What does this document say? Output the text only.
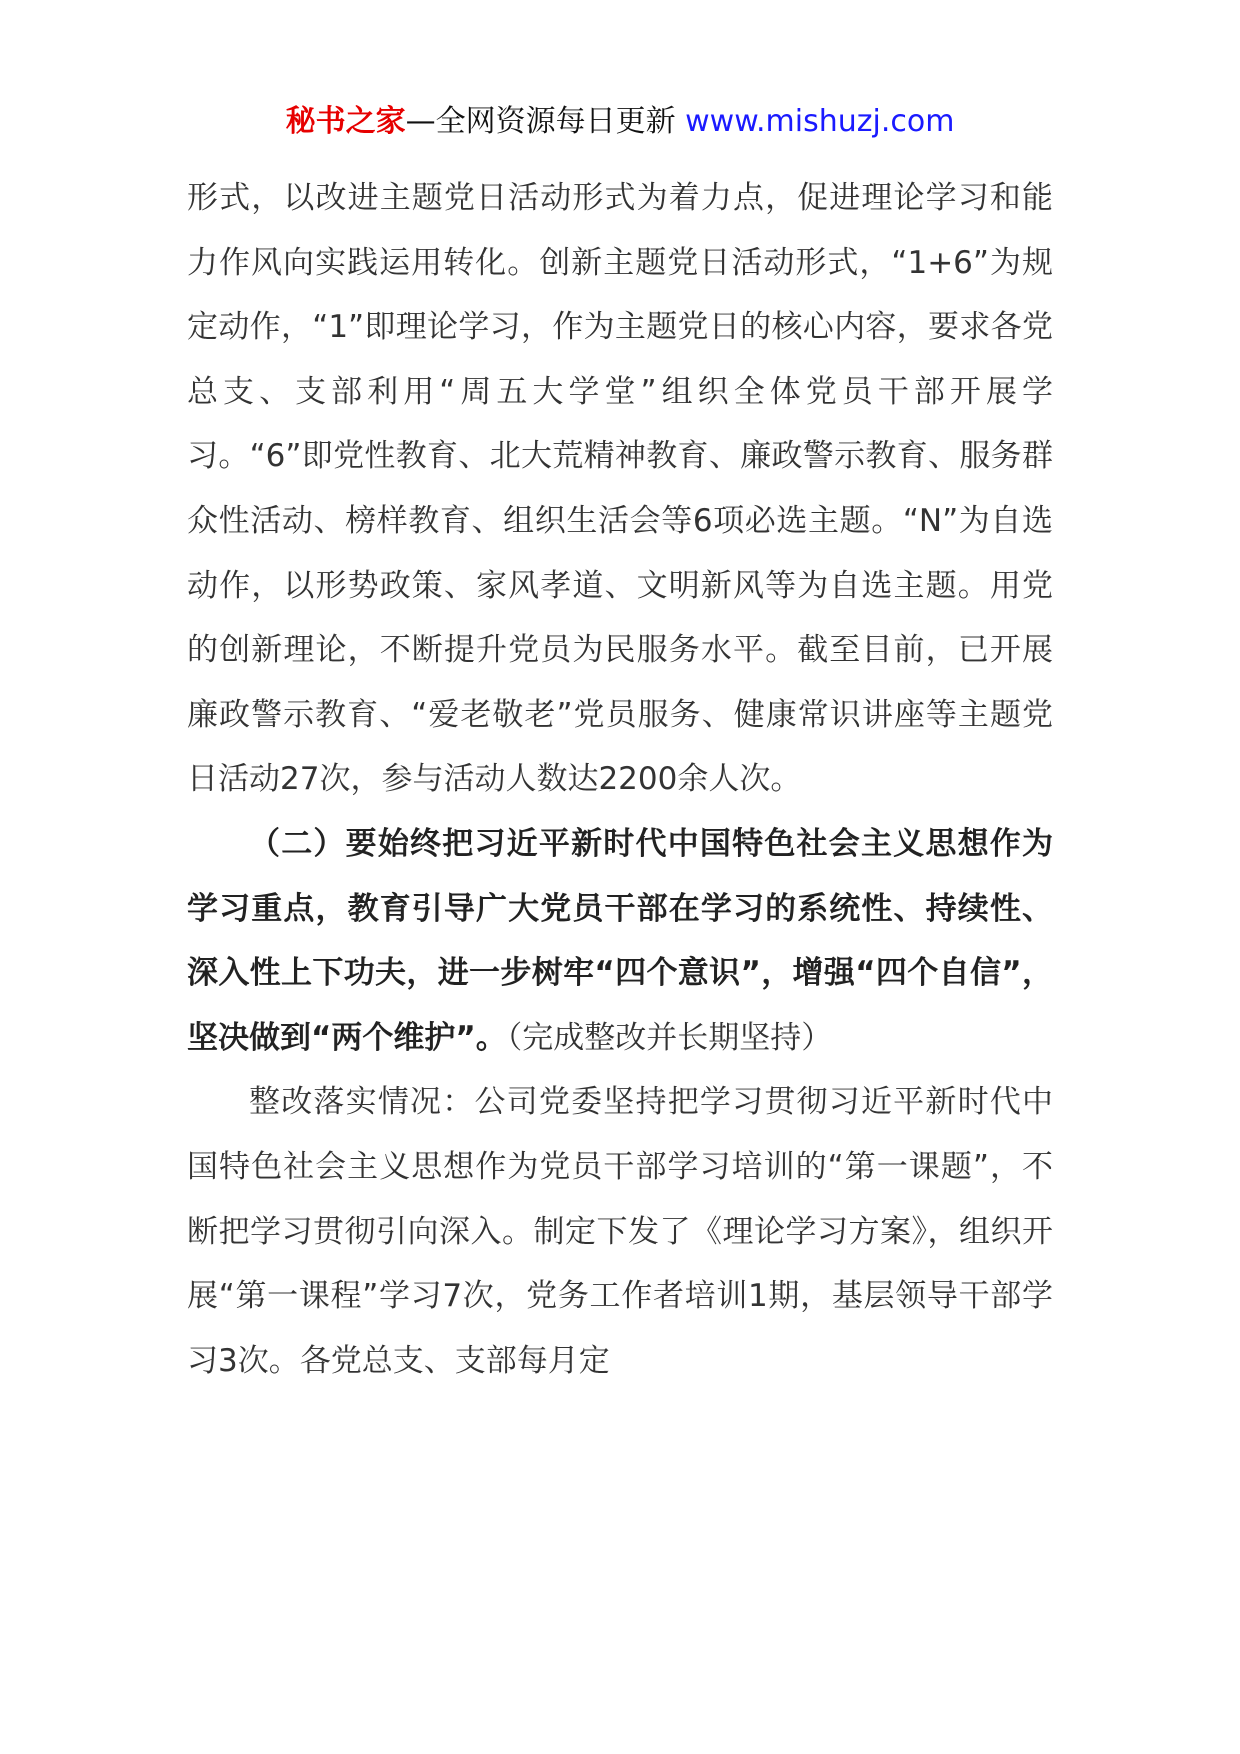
秘书之家—全网资源每日更新 www.mishuzj.com

形式，以改进主题党日活动形式为着力点，促进理论学习和能力作风向实践运用转化。创新主题党日活动形式，“1+6”为规定动作，“1”即理论学习，作为主题党日的核心内容，要求各党总支、支部利用“周五大学堂”组织全体党员干部开展学习。“6”即党性教育、北大荒精神教育、廉政警示教育、服务群众性活动、榜样教育、组织生活会等6项必选主题。“N”为自选动作，以形势政策、家风孝道、文明新风等为自选主题。用党的创新理论，不断提升党员为民服务水平。截至目前，已开展廉政警示教育、“爱老敬老”党员服务、健康常识讲座等主题党日活动27次，参与活动人数达2200余人次。

（二）要始终把习近平新时代中国特色社会主义思想作为学习重点，教育引导广大党员干部在学习的系统性、持续性、深入性上下功夫，进一步树牢“四个意识”，增强“四个自信”，坚决做到“两个维护”。（完成整改并长期坚持）

整改落实情况：公司党委坚持把学习贯彻习近平新时代中国特色社会主义思想作为党员干部学习培训的“第一课题”，不断把学习贯彻引向深入。制定下发了《理论学习方案》，组织开展“第一课程”学习7次，党务工作者培训1期，基层领导干部学习3次。各党总支、支部每月定
